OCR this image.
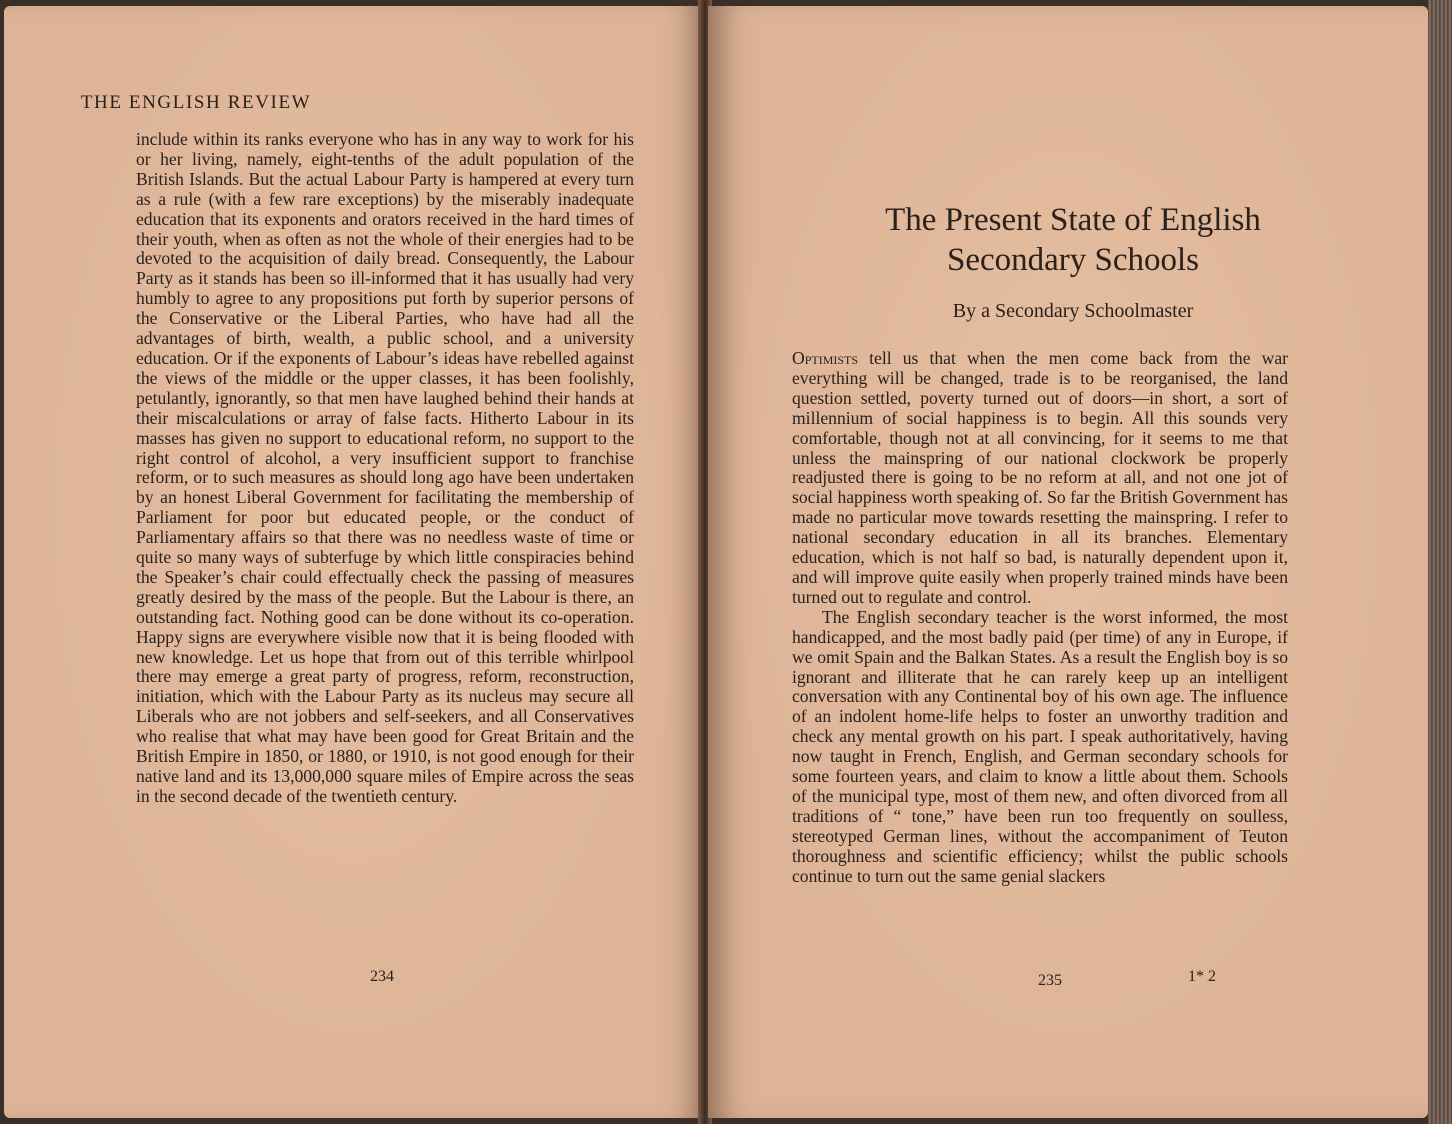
THE ENGLISH REVIEW

include within its ranks everyone who has in any way to work for his or her living, namely, eight-tenths of the adult population of the British Islands. But the actual Labour Party is hampered at every turn as a rule (with a few rare exceptions) by the miserably inadequate education that its exponents and orators received in the hard times of their youth, when as often as not the whole of their energies had to be devoted to the acquisition of daily bread. Consequently, the Labour Party as it stands has been so ill-informed that it has usually had very humbly to agree to any propositions put forth by superior persons of the Conservative or the Liberal Parties, who have had all the advantages of birth, wealth, a public school, and a university education. Or if the exponents of Labour’s ideas have rebelled against the views of the middle or the upper classes, it has been foolishly, petulantly, ignorantly, so that men have laughed behind their hands at their miscalculations or array of false facts. Hitherto Labour in its masses has given no support to educational reform, no support to the right control of alcohol, a very insufficient support to franchise reform, or to such measures as should long ago have been undertaken by an honest Liberal Government for facilitating the membership of Parliament for poor but educated people, or the conduct of Parliamentary affairs so that there was no needless waste of time or quite so many ways of subterfuge by which little conspiracies behind the Speaker’s chair could effectually check the passing of measures greatly desired by the mass of the people. But the Labour is there, an outstanding fact. Nothing good can be done without its co-operation. Happy signs are everywhere visible now that it is being flooded with new knowledge. Let us hope that from out of this terrible whirlpool there may emerge a great party of progress, reform, reconstruction, initiation, which with the Labour Party as its nucleus may secure all Liberals who are not jobbers and self-seekers, and all Conservatives who realise that what may have been good for Great Britain and the British Empire in 1850, or 1880, or 1910, is not good enough for their native land and its 13,000,000 square miles of Empire across the seas in the second decade of the twentieth century.

234
The Present State of English
Secondary Schools
By a Secondary Schoolmaster

Optimists tell us that when the men come back from the war everything will be changed, trade is to be reorganised, the land question settled, poverty turned out of doors—in short, a sort of millennium of social happiness is to begin. All this sounds very comfortable, though not at all convincing, for it seems to me that unless the mainspring of our national clockwork be properly readjusted there is going to be no reform at all, and not one jot of social happiness worth speaking of. So far the British Government has made no particular move towards resetting the mainspring. I refer to national secondary education in all its branches. Elementary education, which is not half so bad, is naturally dependent upon it, and will improve quite easily when properly trained minds have been turned out to regulate and control.

The English secondary teacher is the worst informed, the most handicapped, and the most badly paid (per time) of any in Europe, if we omit Spain and the Balkan States. As a result the English boy is so ignorant and illiterate that he can rarely keep up an intelligent conversation with any Continental boy of his own age. The influence of an indolent home-life helps to foster an unworthy tradition and check any mental growth on his part. I speak authoritatively, having now taught in French, English, and German secondary schools for some fourteen years, and claim to know a little about them. Schools of the municipal type, most of them new, and often divorced from all traditions of “ tone,” have been run too frequently on soulless, stereotyped German lines, without the accompaniment of Teuton thoroughness and scientific efficiency; whilst the public schools continue to turn out the same genial slackers

235	1* 2
